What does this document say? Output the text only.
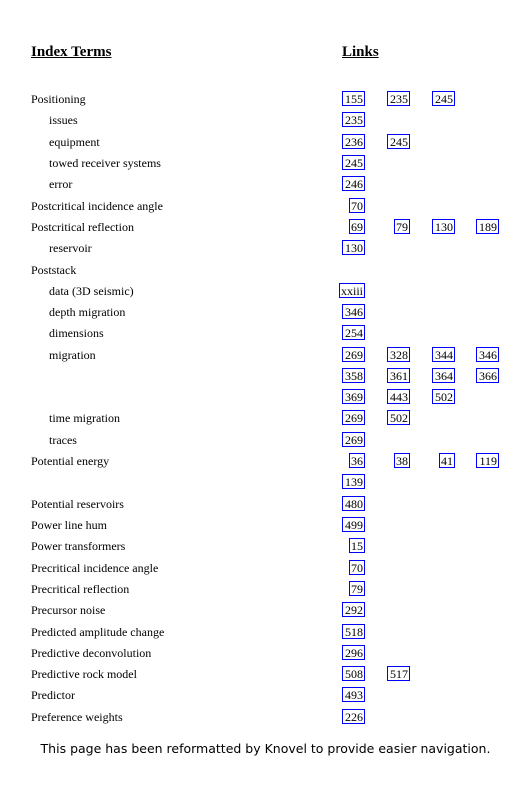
Index Terms	Links
Positioning	155 235 245
issues	235
equipment	236 245
towed receiver systems	245
error	246
Postcritical incidence angle	70
Postcritical reflection	69	79 130 189
reservoir	130
Poststack
data (3D seismic)	xxiii
depth migration	346
dimensions	254
migration	269 328 344 346
358 361 364 366
369 443 502
time migration	269 502
traces	269
Potential energy	36	38	41 119
139
Potential reservoirs	480
Power line hum	499
Power transformers	15
Precritical incidence angle	70
Precritical reflection	79
Precursor noise	292
Predicted amplitude change	518
Predictive deconvolution	296
Predictive rock model	508 517
Predictor	493
Preference weights	226
This page has been reformatted by Knovel to provide easier navigation.
